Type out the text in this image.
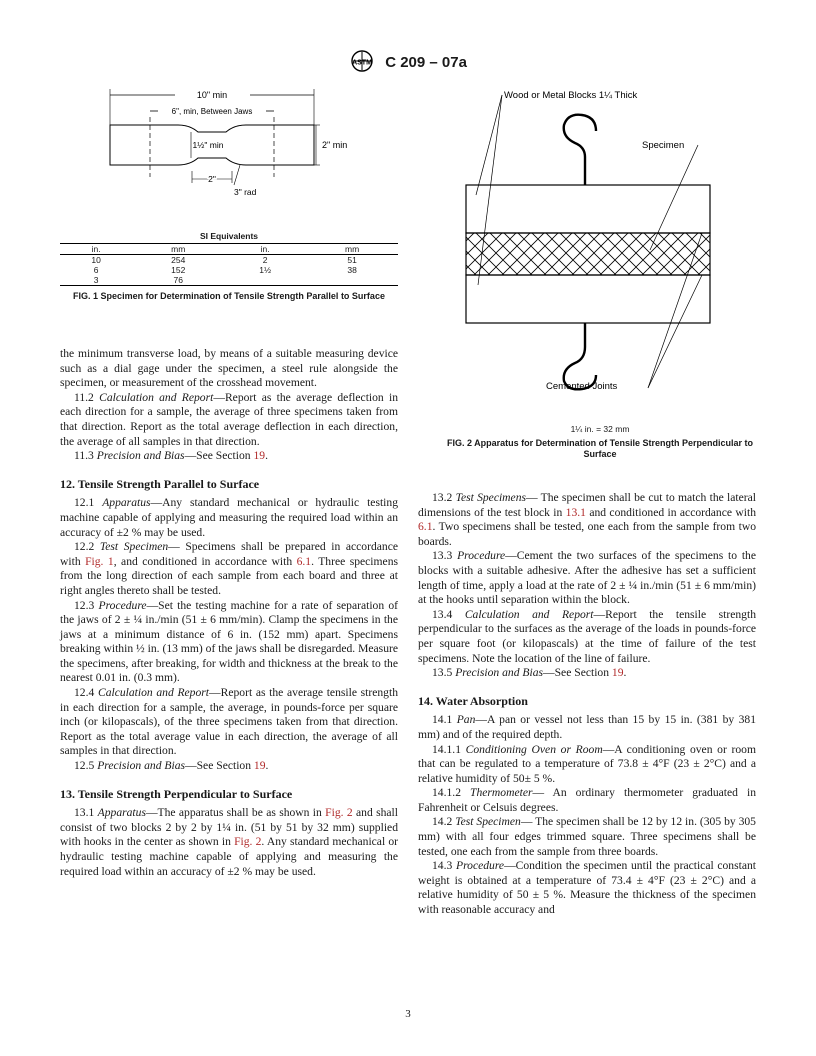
ASTM C 209 – 07a
10" min
6", min, Between Jaws
1½" min	2" min
2"
3" rad
SI Equivalents
in.	mm	in.	mm
10	254	2	51
6	152	1½	38
3	76		
FIG. 1 Specimen for Determination of Tensile Strength Parallel to Surface
Wood or Metal Blocks 1¼ Thick
Specimen
Cemented Joints
1¼ in. = 32 mm
FIG. 2 Apparatus for Determination of Tensile Strength Perpendicular to Surface

the minimum transverse load, by means of a suitable measuring device such as a dial gage under the specimen, a steel rule alongside the specimen, or measurement of the crosshead movement.

11.2 Calculation and Report—Report as the average deflection in each direction for a sample, the average of three specimens taken from that direction. Report as the total average deflection in each direction, the average of all samples in that direction.

11.3 Precision and Bias—See Section 19.

12. Tensile Strength Parallel to Surface

12.1 Apparatus—Any standard mechanical or hydraulic testing machine capable of applying and measuring the required load within an accuracy of ±2 % may be used.

12.2 Test Specimen— Specimens shall be prepared in accordance with Fig. 1, and conditioned in accordance with 6.1. Three specimens from the long direction of each sample from each board and three at right angles thereto shall be tested.

12.3 Procedure—Set the testing machine for a rate of separation of the jaws of 2 ± ¼ in./min (51 ± 6 mm/min). Clamp the specimens in the jaws at a minimum distance of 6 in. (152 mm) apart. Specimens breaking within ½ in. (13 mm) of the jaws shall be disregarded. Measure the specimens, after breaking, for width and thickness at the break to the nearest 0.01 in. (0.3 mm).

12.4 Calculation and Report—Report as the average tensile strength in each direction for a sample, the average, in pounds-force per square inch (or kilopascals), of the three specimens taken from that direction. Report as the total average value in each direction, the average of all samples in that direction.

12.5 Precision and Bias—See Section 19.

13. Tensile Strength Perpendicular to Surface

13.1 Apparatus—The apparatus shall be as shown in Fig. 2 and shall consist of two blocks 2 by 2 by 1¼ in. (51 by 51 by 32 mm) supplied with hooks in the center as shown in Fig. 2. Any standard mechanical or hydraulic testing machine capable of applying and measuring the required load within an accuracy of ±2 % may be used.

13.2 Test Specimens— The specimen shall be cut to match the lateral dimensions of the test block in 13.1 and conditioned in accordance with 6.1. Two specimens shall be tested, one each from the sample from two boards.

13.3 Procedure—Cement the two surfaces of the specimens to the blocks with a suitable adhesive. After the adhesive has set a sufficient length of time, apply a load at the rate of 2 ± ¼ in./min (51 ± 6 mm/min) at the hooks until separation within the block.

13.4 Calculation and Report—Report the tensile strength perpendicular to the surfaces as the average of the loads in pounds-force per square foot (or kilopascals) at the time of failure of the test specimens. Note the location of the line of failure.

13.5 Precision and Bias—See Section 19.

14. Water Absorption

14.1 Pan—A pan or vessel not less than 15 by 15 in. (381 by 381 mm) and of the required depth.

14.1.1 Conditioning Oven or Room—A conditioning oven or room that can be regulated to a temperature of 73.8 ± 4°F (23 ± 2°C) and a relative humidity of 50± 5 %.

14.1.2 Thermometer— An ordinary thermometer graduated in Fahrenheit or Celsuis degrees.

14.2 Test Specimen— The specimen shall be 12 by 12 in. (305 by 305 mm) with all four edges trimmed square. Three specimens shall be tested, one each from the sample from three boards.

14.3 Procedure—Condition the specimen until the practical constant weight is obtained at a temperature of 73.4 ± 4°F (23 ± 2°C) and a relative humidity of 50 ± 5 %. Measure the thickness of the specimen with reasonable accuracy and

3
